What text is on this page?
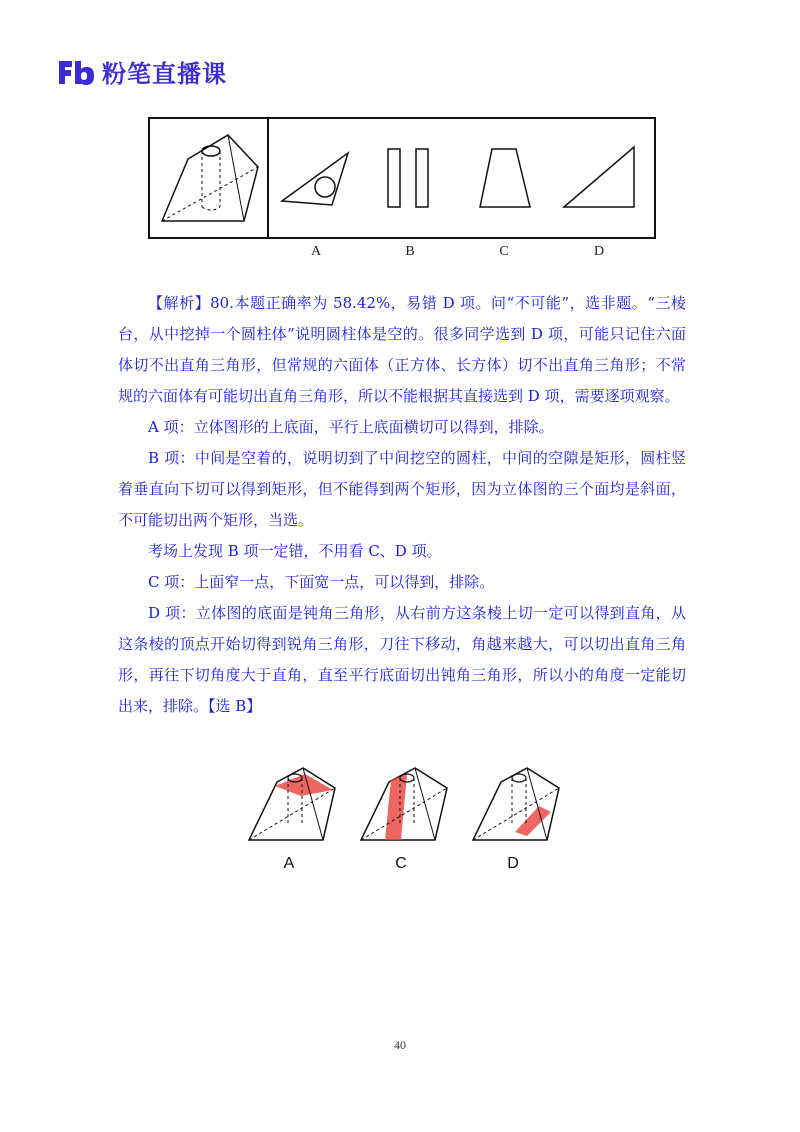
粉笔直播课
A	B	C	D

【解析】80.本题正确率为 58.42%，易错 D 项。问“不可能”，选非题。“三棱台，从中挖掉一个圆柱体”说明圆柱体是空的。很多同学选到 D 项，可能只记住六面体切不出直角三角形，但常规的六面体（正方体、长方体）切不出直角三角形；不常规的六面体有可能切出直角三角形，所以不能根据其直接选到 D 项，需要逐项观察。

A 项：立体图形的上底面，平行上底面横切可以得到，排除。

B 项：中间是空着的，说明切到了中间挖空的圆柱，中间的空隙是矩形，圆柱竖着垂直向下切可以得到矩形，但不能得到两个矩形，因为立体图的三个面均是斜面，不可能切出两个矩形，当选。

考场上发现 B 项一定错，不用看 C、D 项。

C 项：上面窄一点，下面宽一点，可以得到，排除。

D 项：立体图的底面是钝角三角形，从右前方这条棱上切一定可以得到直角，从这条棱的顶点开始切得到锐角三角形，刀往下移动，角越来越大，可以切出直角三角形，再往下切角度大于直角，直至平行底面切出钝角三角形，所以小的角度一定能切出来，排除。【选 B】

A	C	D
40
